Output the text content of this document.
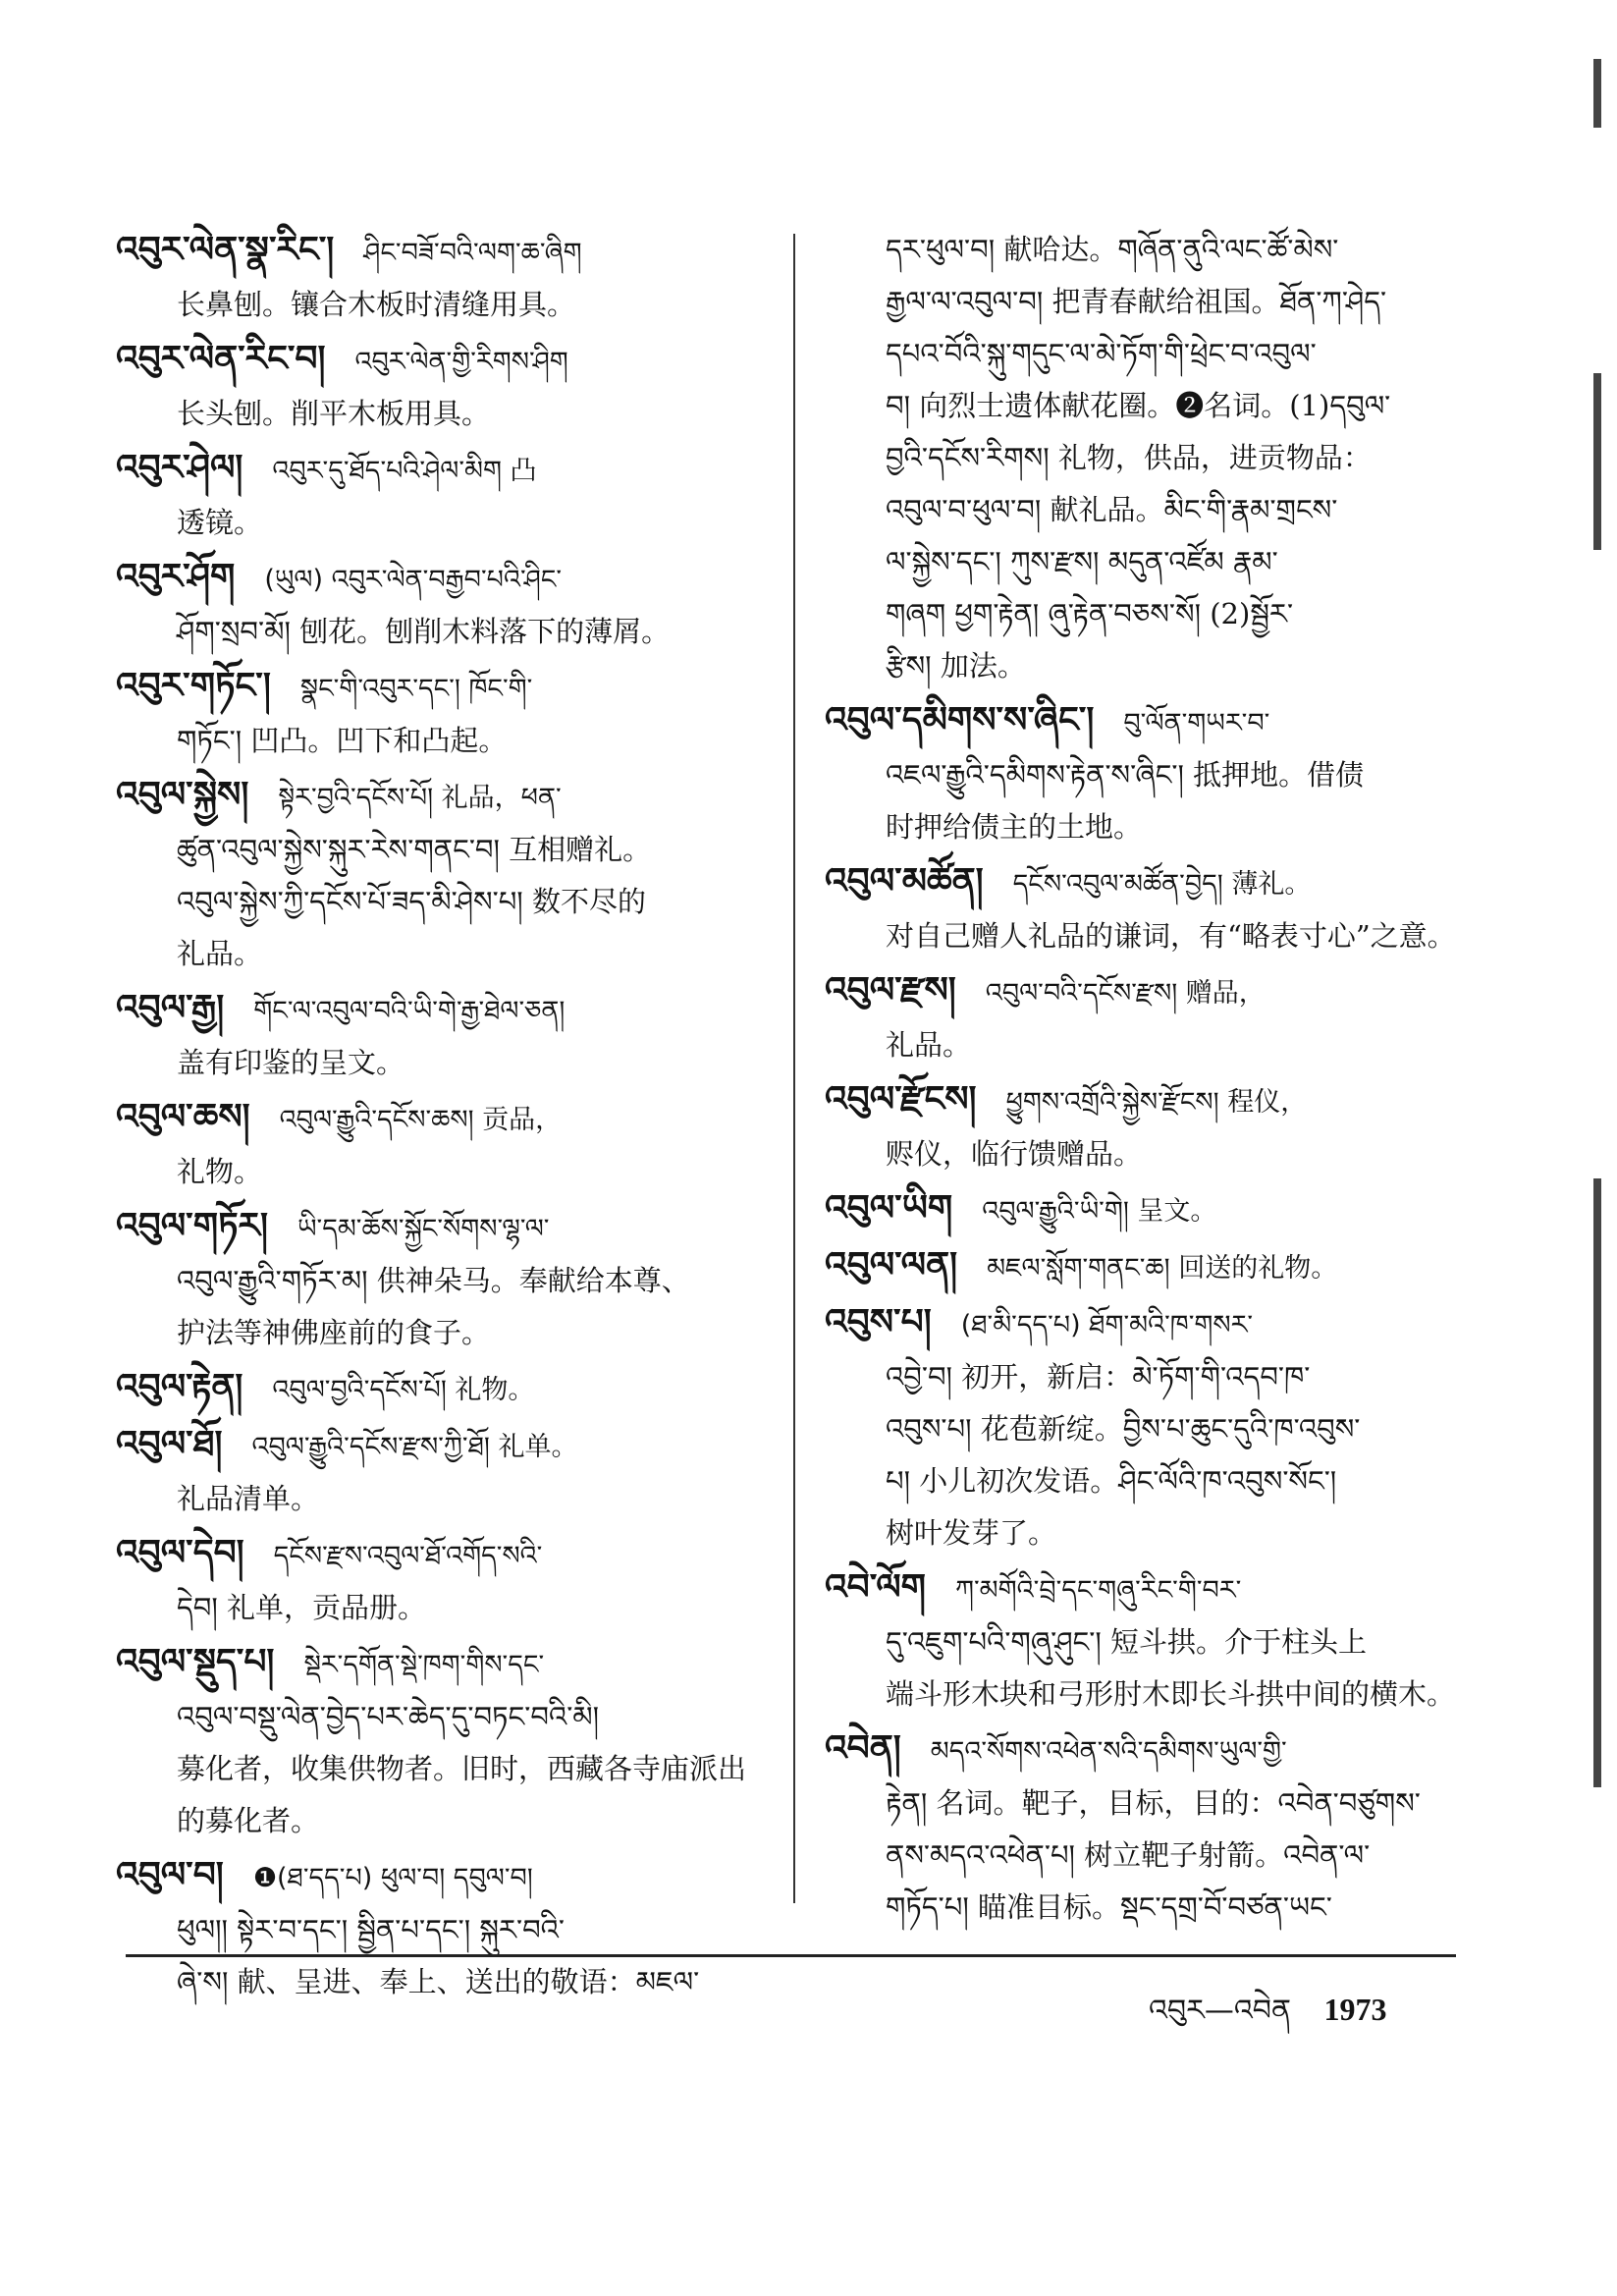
འབུར་ལེན་སྣ་རིང་། ཤིང་བཟོ་བའི་ལག་ཆ་ཞིག
长鼻刨。镶合木板时清缝用具。
འབུར་ལེན་རིང་བ། འབུར་ལེན་གྱི་རིགས་ཤིག
长头刨。削平木板用具。
འབུར་ཤེལ། འབུར་དུ་ཐོད་པའི་ཤེལ་མིག 凸
透镜。
འབུར་ཤོག (ཡུལ) འབུར་ལེན་བརྒྱབ་པའི་ཤིང་
ཤོག་སྲབ་མོ། 刨花。刨削木料落下的薄屑。
འབུར་གཏོང་། སྣང་གི་འབུར་དང་། ཁོང་གི་
གཏོང་། 凹凸。凹下和凸起。
འབུལ་སྐྱེས། སྟེར་བྱའི་དངོས་པོ། 礼品，ཕན་
ཚུན་འབུལ་སྐྱེས་སྐུར་རེས་གནང་བ། 互相赠礼。
འབུལ་སྐྱེས་ཀྱི་དངོས་པོ་ཟད་མི་ཤེས་པ། 数不尽的
礼品。
འབུལ་རྒྱ། གོང་ལ་འབུལ་བའི་ཡི་གེ་རྒྱ་ཐེལ་ཅན།
盖有印鉴的呈文。
འབུལ་ཆས། འབུལ་རྒྱུའི་དངོས་ཆས། 贡品，
礼物。
འབུལ་གཏོར། ཡི་དམ་ཆོས་སྐྱོང་སོགས་ལྷ་ལ་
འབུལ་རྒྱུའི་གཏོར་མ། 供神朵马。奉献给本尊、
护法等神佛座前的食子。
འབུལ་རྟེན། འབུལ་བྱའི་དངོས་པོ། 礼物。
འབུལ་ཐོ། འབུལ་རྒྱུའི་དངོས་རྫས་ཀྱི་ཐོ། 礼单。
礼品清单。
འབུལ་དེབ། དངོས་རྫས་འབུལ་ཐོ་འགོད་སའི་
དེབ། 礼单，贡品册。
འབུལ་སྡུད་པ། སྡེར་དགོན་སྡེ་ཁག་གིས་དང་
འབུལ་བསྡུ་ལེན་བྱེད་པར་ཆེད་དུ་བཏང་བའི་མི།
募化者，收集供物者。旧时，西藏各寺庙派出
的募化者。
འབུལ་བ། ❶(ཐ་དད་པ) ཕུལ་བ། དབུལ་བ།
ཕུལ།། སྟེར་བ་དང་། སྦྱིན་པ་དང་། སྐུར་བའི་
ཞེ་ས། 献、呈进、奉上、送出的敬语：མཇལ་
དར་ཕུལ་བ། 献哈达。གཞོན་ནུའི་ལང་ཚོ་མེས་
རྒྱལ་ལ་འབུལ་བ། 把青春献给祖国。ཐོན་ཀ་ཤེད་
དཔའ་བོའི་སྐུ་གདུང་ལ་མེ་ཏོག་གི་ཕྲེང་བ་འབུལ་
བ། 向烈士遗体献花圈。❷名词。(1)དབུལ་
བྱའི་དངོས་རིགས། 礼物，供品，进贡物品：
འབུལ་བ་ཕུལ་བ། 献礼品。མིང་གི་རྣམ་གྲངས་
ལ་སྐྱེས་དང་། ཀུས་རྫས། མདུན་འཛོམ རྣམ་
གཞག ཕྱག་རྟེན། ཞུ་རྟེན་བཅས་སོ། (2)སྦྱོར་
རྩིས། 加法。
འབུལ་དམིགས་ས་ཞིང་། བུ་ལོན་གཡར་བ་
འཇལ་རྒྱུའི་དམིགས་རྟེན་ས་ཞིང་། 抵押地。借债
时押给债主的土地。
འབུལ་མཚོན། དངོས་འབུལ་མཚོན་བྱེད། 薄礼。
对自己赠人礼品的谦词，有“略表寸心”之意。
འབུལ་རྫས། འབུལ་བའི་དངོས་རྫས། 赠品，
礼品。
འབུལ་རྫོངས། ཕྱུགས་འགྲོའི་སྐྱེས་རྫོངས། 程仪，
赆仪，临行馈赠品。
འབུལ་ཡིག འབུལ་རྒྱུའི་ཡི་གེ། 呈文。
འབུལ་ལན། མཇལ་སློག་གནང་ཆ། 回送的礼物。
འབུས་པ། (ཐ་མི་དད་པ) ཐོག་མའི་ཁ་གསར་
འབྱེ་བ། 初开，新启：མེ་ཏོག་གི་འདབ་ཁ་
འབུས་པ། 花苞新绽。བྱིས་པ་ཆུང་དུའི་ཁ་འབུས་
པ། 小儿初次发语。ཤིང་ལོའི་ཁ་འབུས་སོང་།
树叶发芽了。
འབེ་ལོག ཀ་མགོའི་བྲེ་དང་གཞུ་རིང་གི་བར་
དུ་འཇུག་པའི་གཞུ་ཤུང་། 短斗拱。介于柱头上
端斗形木块和弓形肘木即长斗拱中间的横木。
འབེན། མདའ་སོགས་འཕེན་སའི་དམིགས་ཡུལ་གྱི་
རྟེན། 名词。靶子，目标，目的：འབེན་བཙུགས་
ནས་མདའ་འཕེན་པ། 树立靶子射箭。འབེན་ལ་
གཏོད་པ། 瞄准目标。སྡང་དགྲ་བོ་བཙན་ཡང་
འབུར—འབེན 1973
